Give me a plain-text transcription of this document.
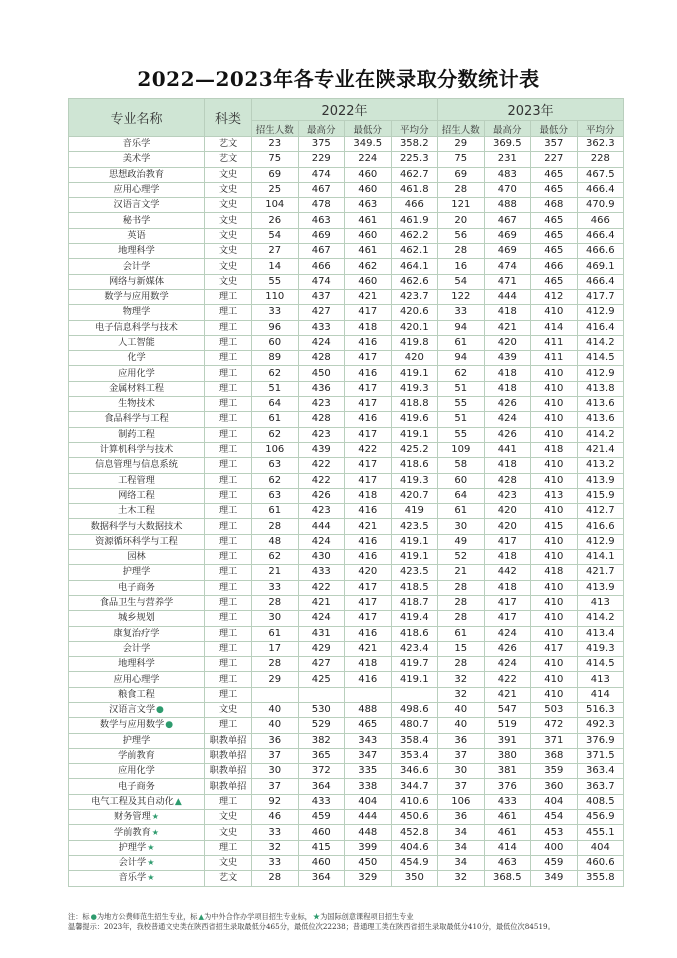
2022—2023年各专业在陕录取分数统计表
专业名称	科类	2022年				2023年			
		招生人数	最高分	最低分	平均分	招生人数	最高分	最低分	平均分
音乐学	艺文	23	375	349.5	358.2	29	369.5	357	362.3
美术学	艺文	75	229	224	225.3	75	231	227	228
思想政治教育	文史	69	474	460	462.7	69	483	465	467.5
应用心理学	文史	25	467	460	461.8	28	470	465	466.4
汉语言文学	文史	104	478	463	466	121	488	468	470.9
秘书学	文史	26	463	461	461.9	20	467	465	466
英语	文史	54	469	460	462.2	56	469	465	466.4
地理科学	文史	27	467	461	462.1	28	469	465	466.6
会计学	文史	14	466	462	464.1	16	474	466	469.1
网络与新媒体	文史	55	474	460	462.6	54	471	465	466.4
数学与应用数学	理工	110	437	421	423.7	122	444	412	417.7
物理学	理工	33	427	417	420.6	33	418	410	412.9
电子信息科学与技术	理工	96	433	418	420.1	94	421	414	416.4
人工智能	理工	60	424	416	419.8	61	420	411	414.2
化学	理工	89	428	417	420	94	439	411	414.5
应用化学	理工	62	450	416	419.1	62	418	410	412.9
金属材料工程	理工	51	436	417	419.3	51	418	410	413.8
生物技术	理工	64	423	417	418.8	55	426	410	413.6
食品科学与工程	理工	61	428	416	419.6	51	424	410	413.6
制药工程	理工	62	423	417	419.1	55	426	410	414.2
计算机科学与技术	理工	106	439	422	425.2	109	441	418	421.4
信息管理与信息系统	理工	63	422	417	418.6	58	418	410	413.2
工程管理	理工	62	422	417	419.3	60	428	410	413.9
网络工程	理工	63	426	418	420.7	64	423	413	415.9
土木工程	理工	61	423	416	419	61	420	410	412.7
数据科学与大数据技术	理工	28	444	421	423.5	30	420	415	416.6
资源循环科学与工程	理工	48	424	416	419.1	49	417	410	412.9
园林	理工	62	430	416	419.1	52	418	410	414.1
护理学	理工	21	433	420	423.5	21	442	418	421.7
电子商务	理工	33	422	417	418.5	28	418	410	413.9
食品卫生与营养学	理工	28	421	417	418.7	28	417	410	413
城乡规划	理工	30	424	417	419.4	28	417	410	414.2
康复治疗学	理工	61	431	416	418.6	61	424	410	413.4
会计学	理工	17	429	421	423.4	15	426	417	419.3
地理科学	理工	28	427	418	419.7	28	424	410	414.5
应用心理学	理工	29	425	416	419.1	32	422	410	413
粮食工程	理工					32	421	410	414
汉语言文学●	文史	40	530	488	498.6	40	547	503	516.3
数学与应用数学●	理工	40	529	465	480.7	40	519	472	492.3
护理学	职教单招	36	382	343	358.4	36	391	371	376.9
学前教育	职教单招	37	365	347	353.4	37	380	368	371.5
应用化学	职教单招	30	372	335	346.6	30	381	359	363.4
电子商务	职教单招	37	364	338	344.7	37	376	360	363.7
电气工程及其自动化▲	理工	92	433	404	410.6	106	433	404	408.5
财务管理★	文史	46	459	444	450.6	36	461	454	456.9
学前教育★	文史	33	460	448	452.8	34	461	453	455.1
护理学★	理工	32	415	399	404.6	34	414	400	404
会计学★	文史	33	460	450	454.9	34	463	459	460.6
音乐学★	艺文	28	364	329	350	32	368.5	349	355.8
注：标●为地方公费师范生招生专业，标▲为中外合作办学项目招生专业标，★为国际创意课程项目招生专业
温馨提示：2023年，我校普通文史类在陕西省招生录取最低分465分，最低位次22238；普通理工类在陕西省招生录取最低分410分，最低位次84519。
